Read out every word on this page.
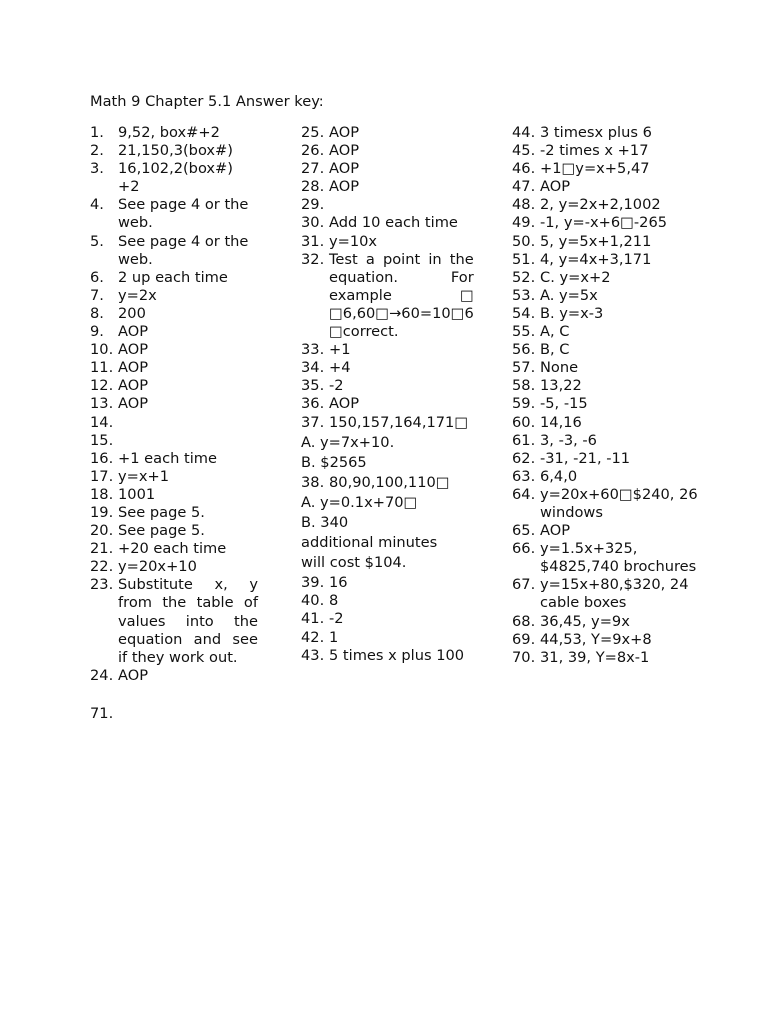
Math 9 Chapter 5.1 Answer key:
1. 9,52, box#+2
2. 21,150,3(box#)
3. 16,102,2(box#) +2
4. See page 4 or the web.
5. See page 4 or the web.
6. 2 up each time
7. y=2x
8. 200
9. AOP
10. AOP
11. AOP
12. AOP
13. AOP
14.
15.
16. +1 each time
17. y=x+1
18. 1001
19. See page 5.
20. See page 5.
21. +20 each time
22. y=20x+10
23. Substitute x, y from the table of values into the equation and see if they work out.
24. AOP
25. AOP
26. AOP
27. AOP
28. AOP
29.
30. Add 10 each time
31. y=10x
32. Test a point in the equation. For example □ □6,60□→60=10□6 □correct.
33. +1
34. +4
35. -2
36. AOP
37. 150,157,164,171□
A. y=7x+10.
B. $2565
38. 80,90,100,110□
A. y=0.1x+70□
B. 340
additional minutes
will cost $104.
39. 16
40. 8
41. -2
42. 1
43. 5 times x plus 100
44. 3 timesx plus 6
45. -2 times x +17
46. +1□y=x+5,47
47. AOP
48. 2, y=2x+2,1002
49. -1, y=-x+6□-265
50. 5, y=5x+1,211
51. 4, y=4x+3,171
52. C. y=x+2
53. A. y=5x
54. B. y=x-3
55. A, C
56. B, C
57. None
58. 13,22
59. -5, -15
60. 14,16
61. 3, -3, -6
62. -31, -21, -11
63. 6,4,0
64. y=20x+60□$240, 26 windows
65. AOP
66. y=1.5x+325, $4825,740 brochures
67. y=15x+80,$320, 24 cable boxes
68. 36,45, y=9x
69. 44,53, Y=9x+8
70. 31, 39, Y=8x-1
71.
